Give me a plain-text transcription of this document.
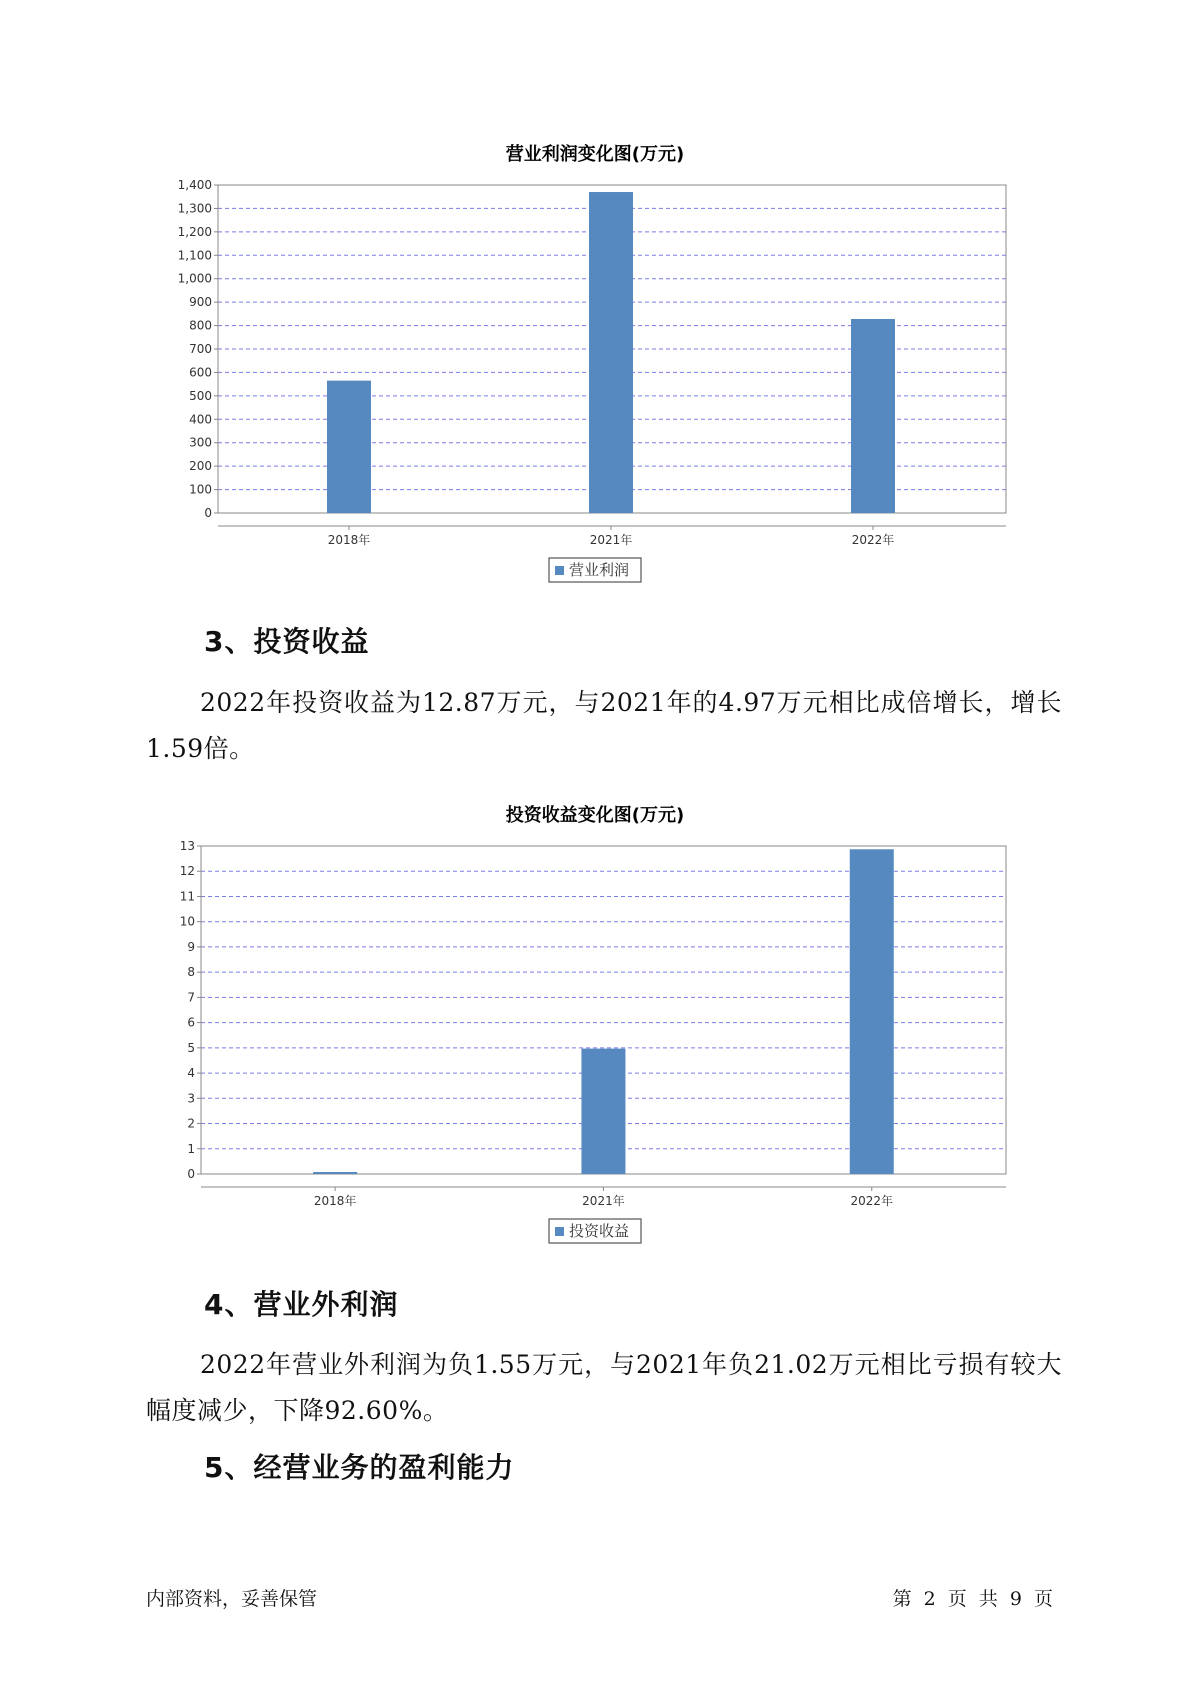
营业利润变化图(万元)
0
100
200
300
400
500
600
700
800
900
1,000
1,100
1,200
1,300
1,400
2018年	2021年	2022年
营业利润
3、投资收益

2022年投资收益为12.87万元，与2021年的4.97万元相比成倍增长，增长1.59倍。

投资收益变化图(万元)
0
1
2
3
4
5
6
7
8
9
10
11
12
13
2018年	2021年	2022年
投资收益
4、营业外利润

2022年营业外利润为负1.55万元，与2021年负21.02万元相比亏损有较大幅度减少，下降92.60%。

5、经营业务的盈利能力
内部资料，妥善保管	第 2 页 共 9 页
